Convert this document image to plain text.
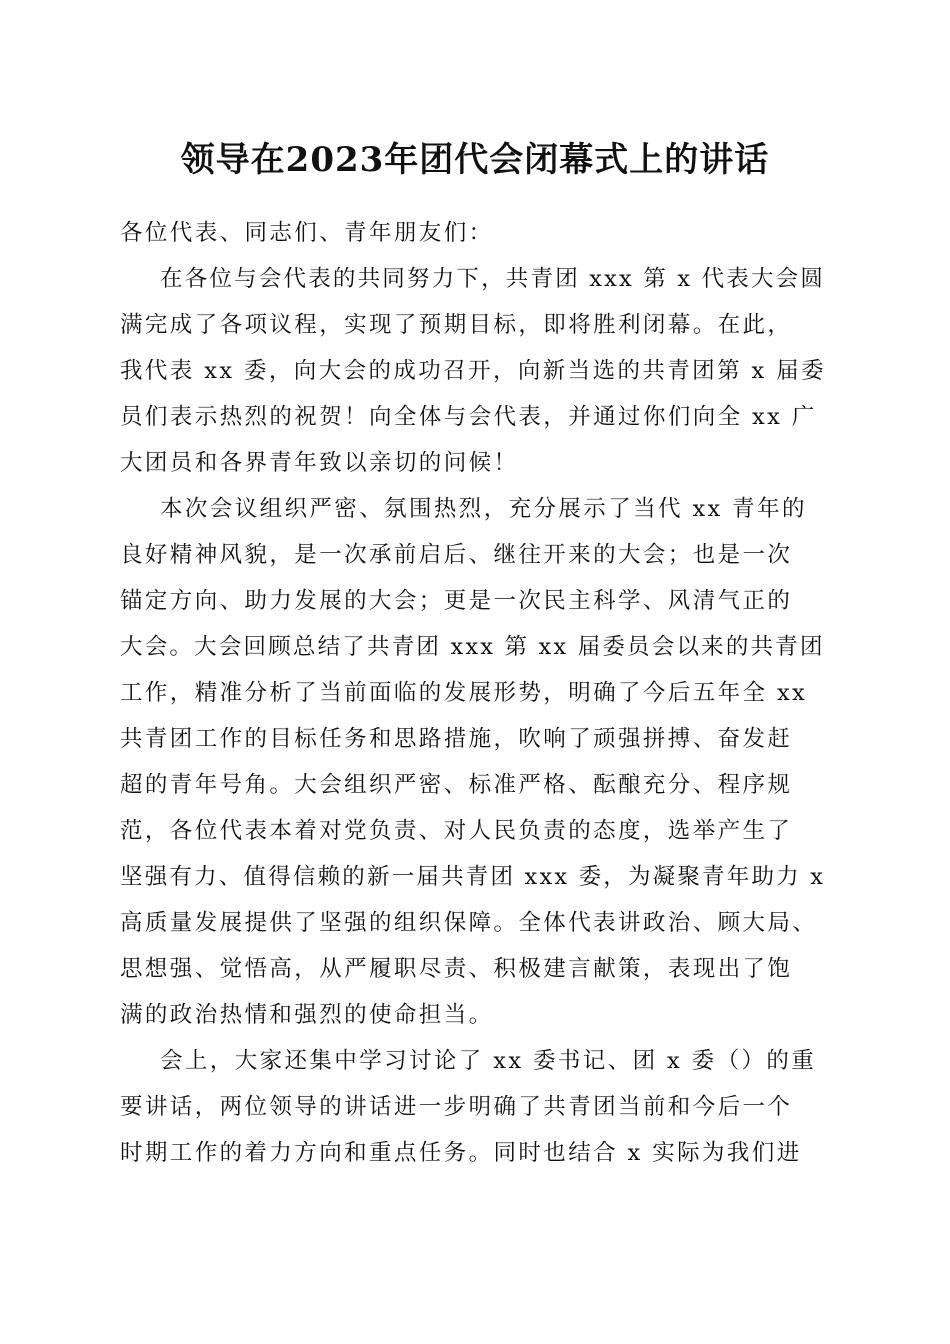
领导在2023年团代会闭幕式上的讲话
各位代表、同志们、青年朋友们：
在各位与会代表的共同努力下，共青团 xxx 第 x 代表大会圆
满完成了各项议程，实现了预期目标，即将胜利闭幕。在此，
我代表 xx 委，向大会的成功召开，向新当选的共青团第 x 届委
员们表示热烈的祝贺！向全体与会代表，并通过你们向全 xx 广
大团员和各界青年致以亲切的问候！
本次会议组织严密、氛围热烈，充分展示了当代 xx 青年的
良好精神风貌，是一次承前启后、继往开来的大会；也是一次
锚定方向、助力发展的大会；更是一次民主科学、风清气正的
大会。大会回顾总结了共青团 xxx 第 xx 届委员会以来的共青团
工作，精准分析了当前面临的发展形势，明确了今后五年全 xx
共青团工作的目标任务和思路措施，吹响了顽强拼搏、奋发赶
超的青年号角。大会组织严密、标准严格、酝酿充分、程序规
范，各位代表本着对党负责、对人民负责的态度，选举产生了
坚强有力、值得信赖的新一届共青团 xxx 委，为凝聚青年助力 x
高质量发展提供了坚强的组织保障。全体代表讲政治、顾大局、
思想强、觉悟高，从严履职尽责、积极建言献策，表现出了饱
满的政治热情和强烈的使命担当。
会上，大家还集中学习讨论了 xx 委书记、团 x 委（）的重
要讲话，两位领导的讲话进一步明确了共青团当前和今后一个
时期工作的着力方向和重点任务。同时也结合 x 实际为我们进
